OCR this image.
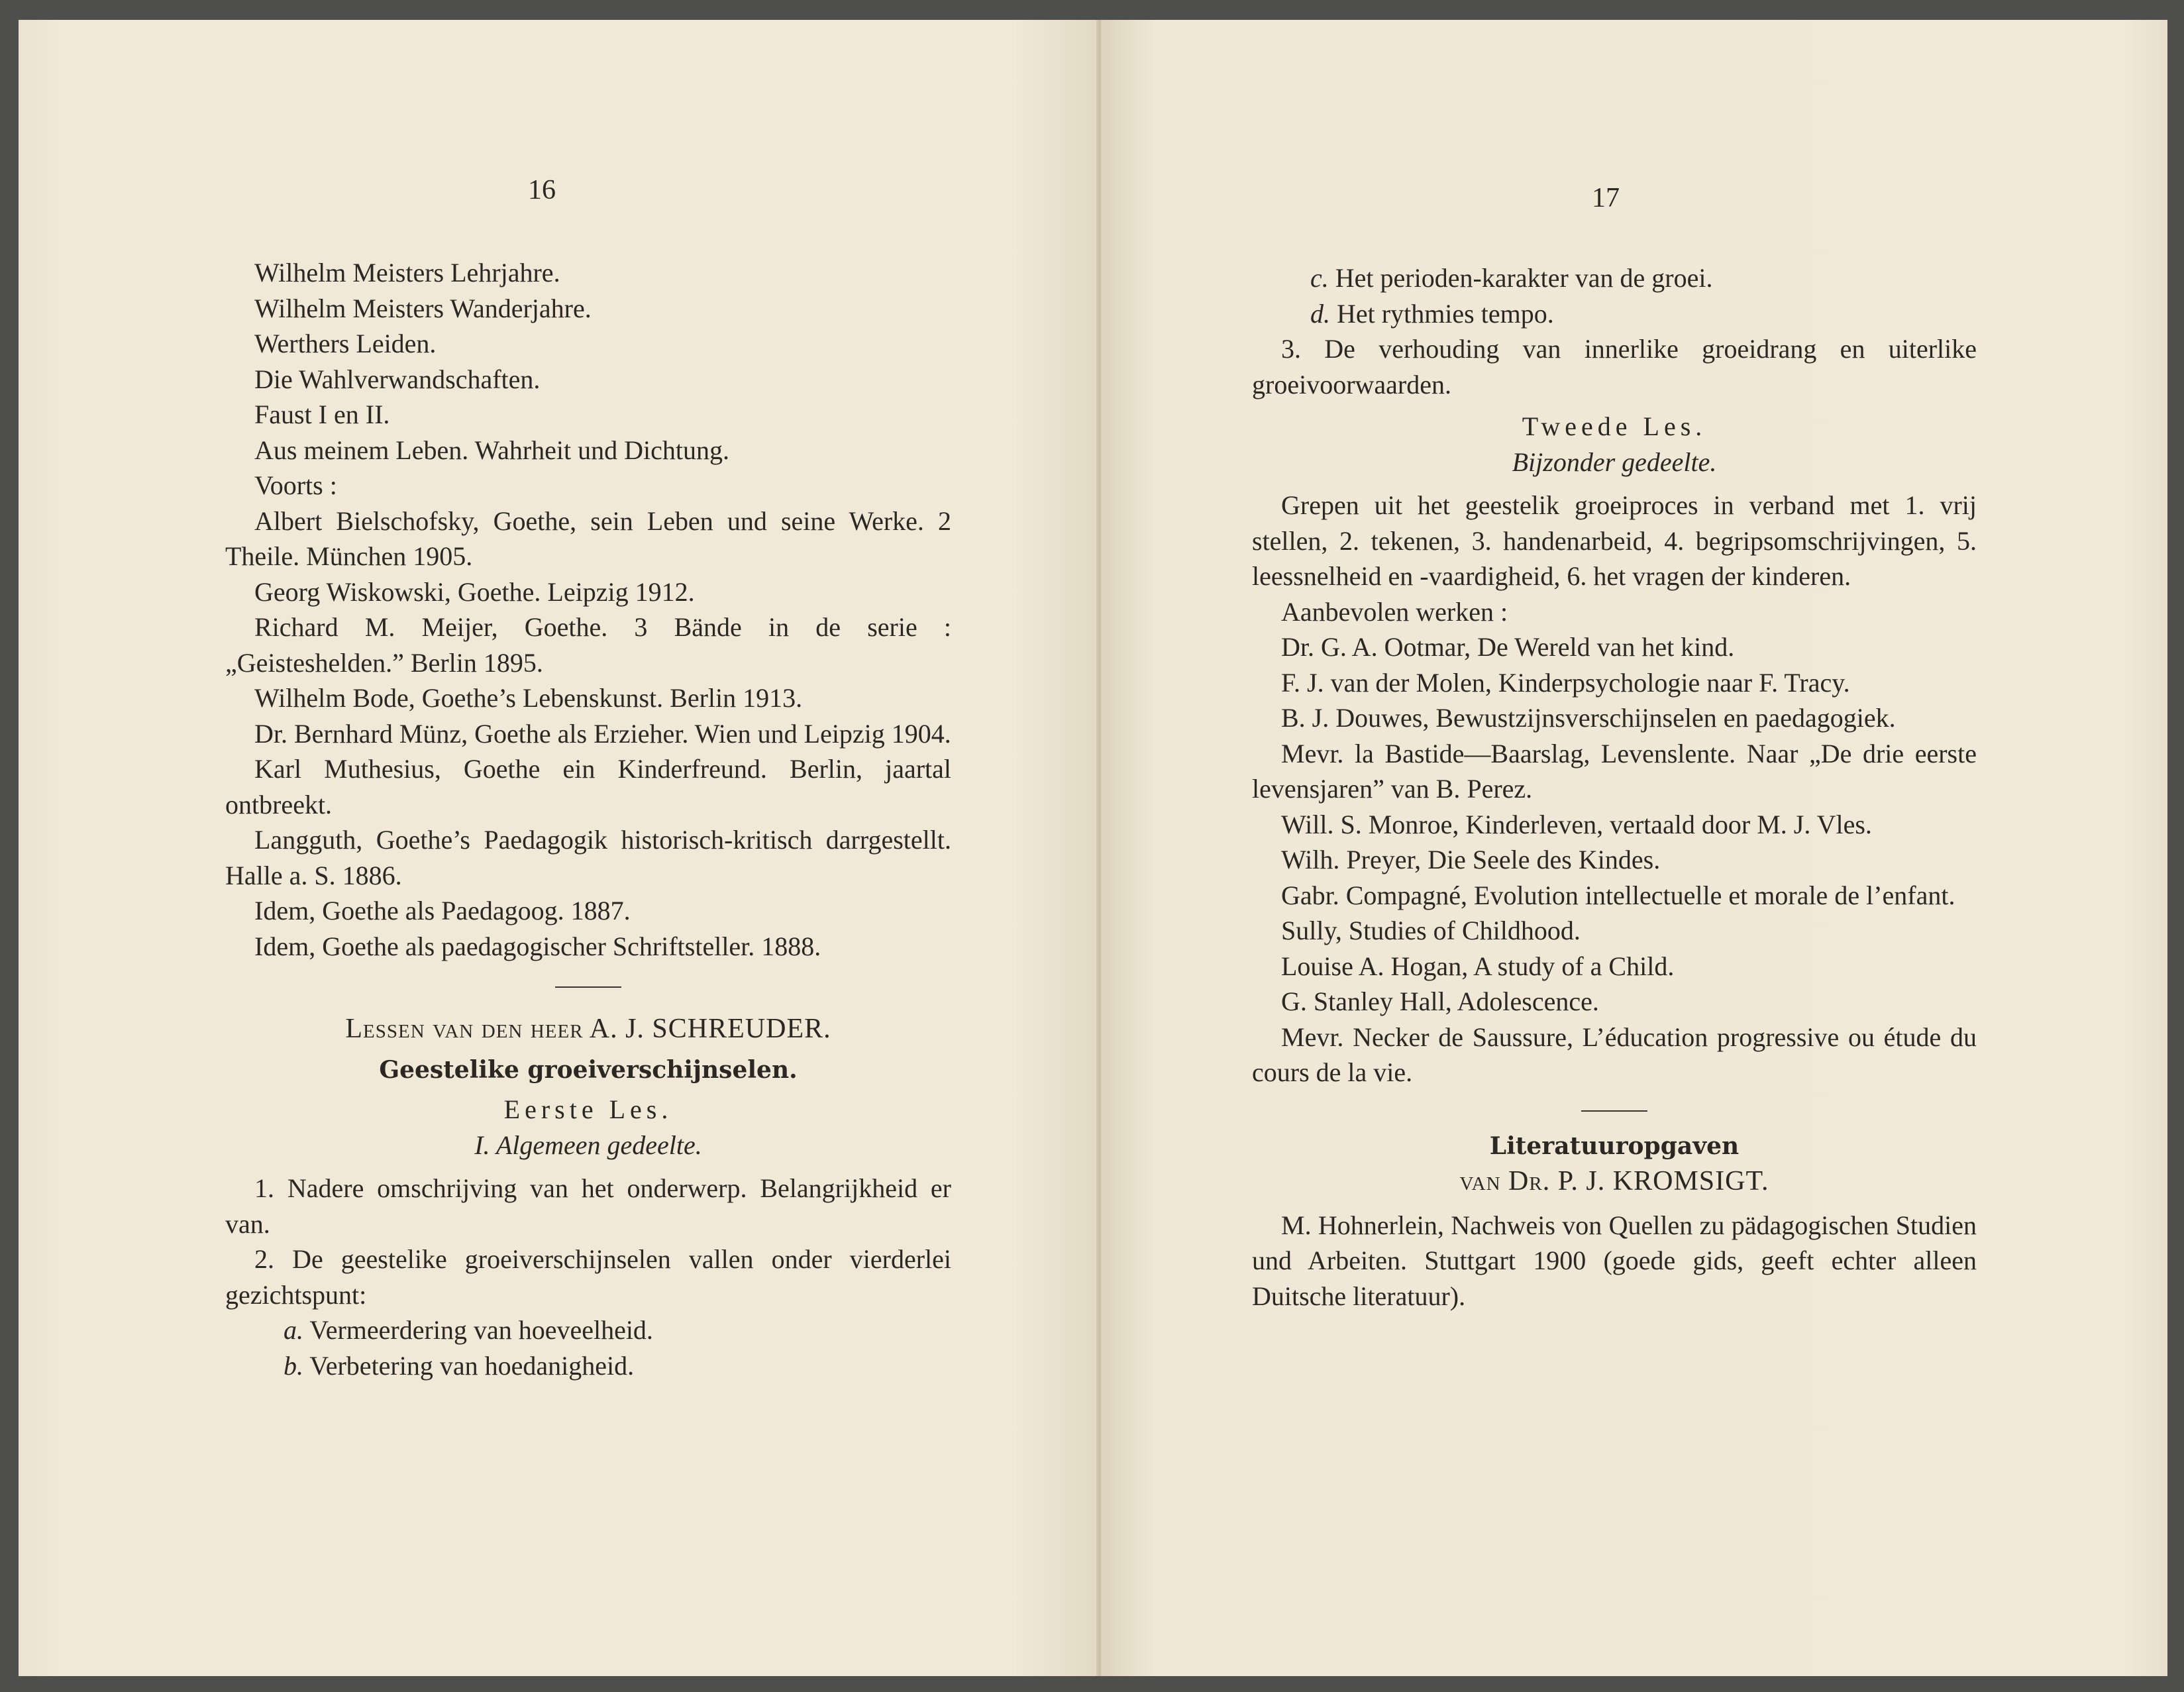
16

Wilhelm Meisters Lehrjahre.

Wilhelm Meisters Wanderjahre.

Werthers Leiden.

Die Wahlverwandschaften.

Faust I en II.

Aus meinem Leben. Wahrheit und Dichtung.

Voorts :

Albert Bielschofsky, Goethe, sein Leben und seine Werke. 2 Theile. München 1905.

Georg Wiskowski, Goethe. Leipzig 1912.

Richard M. Meijer, Goethe. 3 Bände in de serie : „Geisteshelden.” Berlin 1895.

Wilhelm Bode, Goethe’s Lebenskunst. Berlin 1913.

Dr. Bernhard Münz, Goethe als Erzieher. Wien und Leipzig 1904.

Karl Muthesius, Goethe ein Kinderfreund. Berlin, jaartal ontbreekt.

Langguth, Goethe’s Paedagogik historisch-kritisch darrgestellt. Halle a. S. 1886.

Idem, Goethe als Paedagoog. 1887.

Idem, Goethe als paedagogischer Schriftsteller. 1888.

Lessen van den heer A. J. SCHREUDER.

Geestelike groeiverschijnselen.

Eerste Les.

I. Algemeen gedeelte.

1. Nadere omschrijving van het onderwerp. Belangrijkheid er van.

2. De geestelike groeiverschijnselen vallen onder vierderlei gezichtspunt:

a. Vermeerdering van hoeveelheid.

b. Verbetering van hoedanigheid.

17

c. Het perioden-karakter van de groei.

d. Het rythmies tempo.

3. De verhouding van innerlike groeidrang en uiterlike groeivoorwaarden.

Tweede Les.

Bijzonder gedeelte.

Grepen uit het geestelik groeiproces in verband met 1. vrij stellen, 2. tekenen, 3. handenarbeid, 4. begripsomschrijvingen, 5. leessnelheid en -vaardigheid, 6. het vragen der kinderen.

Aanbevolen werken :

Dr. G. A. Ootmar, De Wereld van het kind.

F. J. van der Molen, Kinderpsychologie naar F. Tracy.

B. J. Douwes, Bewustzijnsverschijnselen en paedagogiek.

Mevr. la Bastide—Baarslag, Levenslente. Naar „De drie eerste levensjaren” van B. Perez.

Will. S. Monroe, Kinderleven, vertaald door M. J. Vles.

Wilh. Preyer, Die Seele des Kindes.

Gabr. Compagné, Evolution intellectuelle et morale de l’enfant.

Sully, Studies of Childhood.

Louise A. Hogan, A study of a Child.

G. Stanley Hall, Adolescence.

Mevr. Necker de Saussure, L’éducation progressive ou étude du cours de la vie.

Literatuuropgaven

van Dr. P. J. KROMSIGT.

M. Hohnerlein, Nachweis von Quellen zu pädagogischen Studien und Arbeiten. Stuttgart 1900 (goede gids, geeft echter alleen Duitsche literatuur).
